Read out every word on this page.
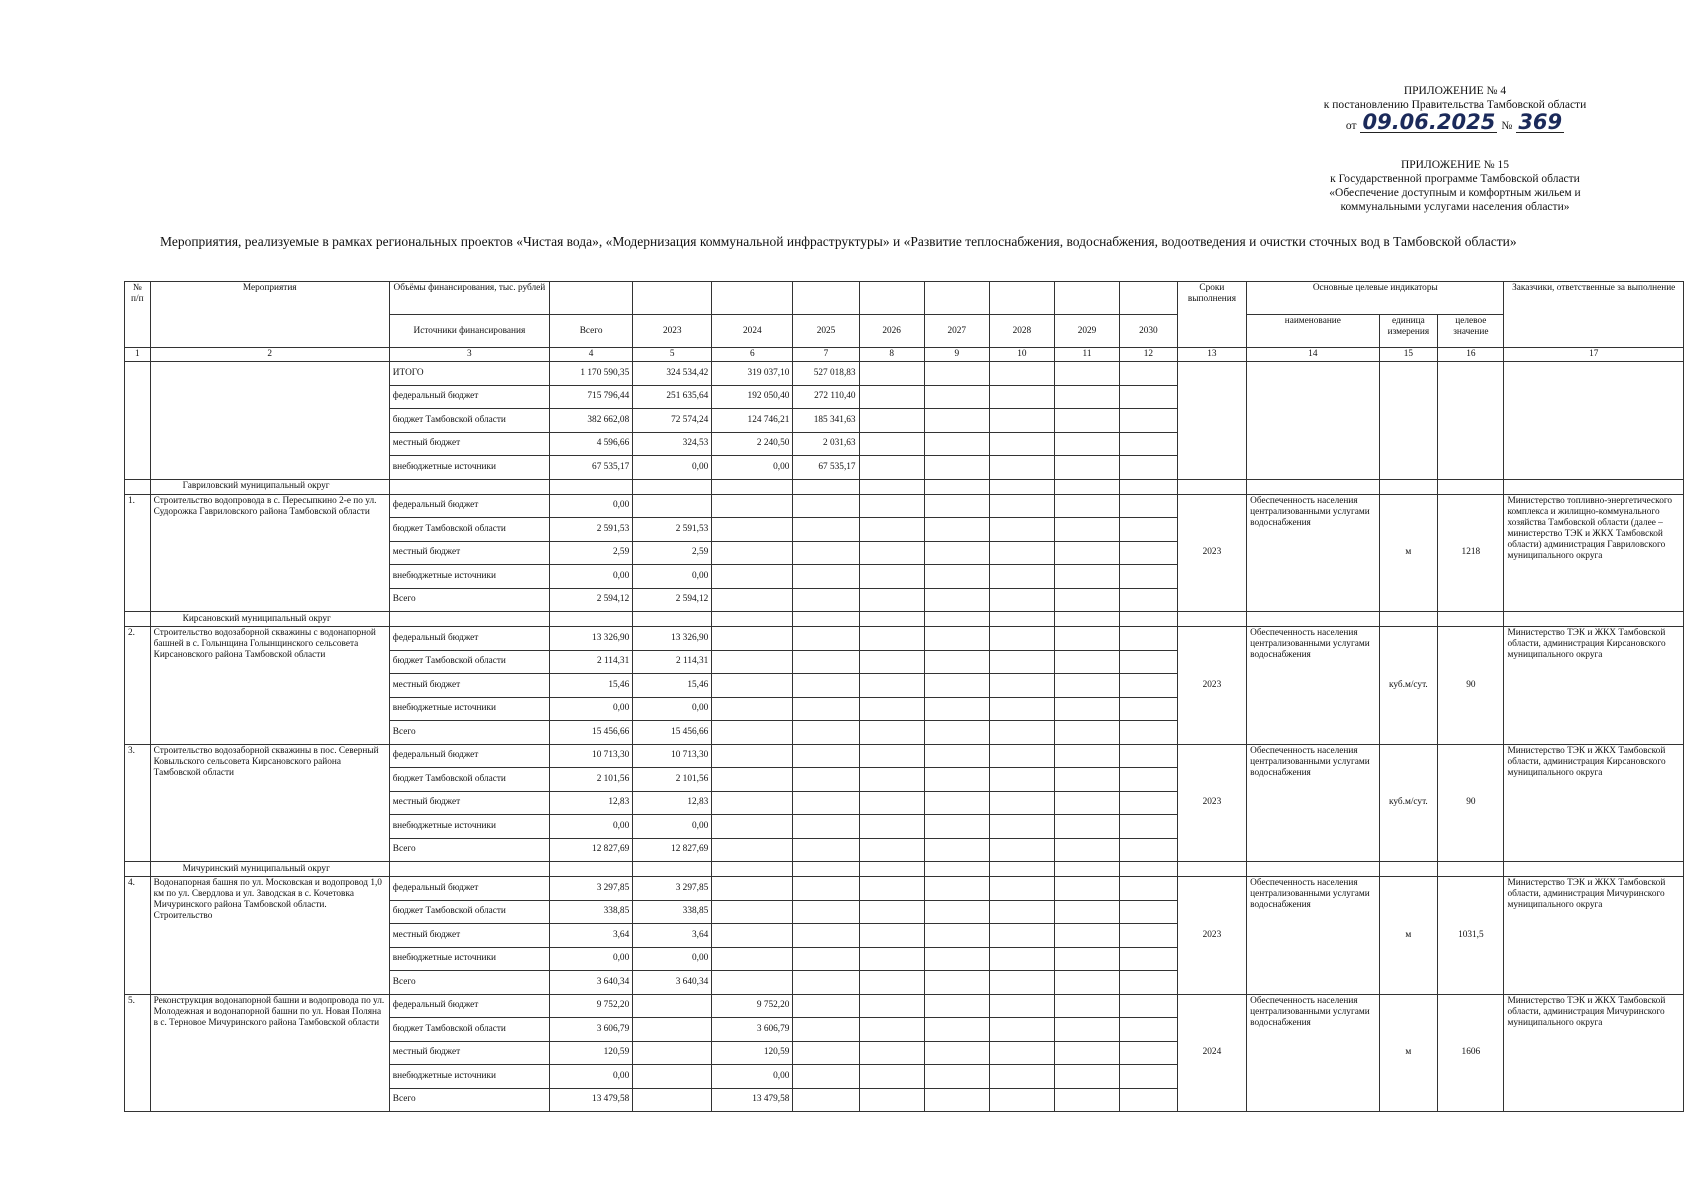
ПРИЛОЖЕНИЕ № 4
к постановлению Правительства Тамбовской области
от 09.06.2025 № 369
ПРИЛОЖЕНИЕ № 15
к Государственной программе Тамбовской области
«Обеспечение доступным и комфортным жильем и
коммунальными услугами населения области»
Мероприятия, реализуемые в рамках региональных проектов «Чистая вода», «Модернизация коммунальной инфраструктуры» и «Развитие теплоснабжения, водоснабжения, водоотведения и очистки сточных вод в Тамбовской области»
№ п/п	Мероприятия	Объёмы финансирования, тыс. рублей										Сроки выполнения	Основные целевые индикаторы			Заказчики, ответственные за выполнение
		Источники финансирования	Всего	2023	2024	2025	2026	2027	2028	2029	2030		наименование	единица измерения	целевое значение	
1	2	3	4	5	6	7	8	9	10	11	12	13	14	15	16	17
		ИТОГО	1 170 590,35	324 534,42	319 037,10	527 018,83										
		федеральный бюджет	715 796,44	251 635,64	192 050,40	272 110,40										
		бюджет Тамбовской области	382 662,08	72 574,24	124 746,21	185 341,63										
		местный бюджет	4 596,66	324,53	2 240,50	2 031,63										
		внебюджетные источники	67 535,17	0,00	0,00	67 535,17										
	Гавриловский муниципальный округ															
1.	Строительство водопровода в с. Пересыпкино 2-е по ул. Судорожка Гавриловского района Тамбовской области	федеральный бюджет	0,00									2023	Обеспеченность населения централизованными услугами водоснабжения	м	1218	Министерство топливно-энергетического комплекса и жилищно-коммунального хозяйства Тамбовской области (далее – министерство ТЭК и ЖКХ Тамбовской области) администрация Гавриловского муниципального округа
		бюджет Тамбовской области	2 591,53	2 591,53												
		местный бюджет	2,59	2,59												
		внебюджетные источники	0,00	0,00												
		Всего	2 594,12	2 594,12												
	Кирсановский муниципальный округ															
2.	Строительство водозаборной скважины с водонапорной башней в с. Голынщина Голынщинского сельсовета Кирсановского района Тамбовской области	федеральный бюджет	13 326,90	13 326,90								2023	Обеспеченность населения централизованными услугами водоснабжения	куб.м/сут.	90	Министерство ТЭК и ЖКХ Тамбовской области, администрация Кирсановского муниципального округа
		бюджет Тамбовской области	2 114,31	2 114,31												
		местный бюджет	15,46	15,46												
		внебюджетные источники	0,00	0,00												
		Всего	15 456,66	15 456,66												
3.	Строительство водозаборной скважины в пос. Северный Ковыльского сельсовета Кирсановского района Тамбовской области	федеральный бюджет	10 713,30	10 713,30								2023	Обеспеченность населения централизованными услугами водоснабжения	куб.м/сут.	90	Министерство ТЭК и ЖКХ Тамбовской области, администрация Кирсановского муниципального округа
		бюджет Тамбовской области	2 101,56	2 101,56												
		местный бюджет	12,83	12,83												
		внебюджетные источники	0,00	0,00												
		Всего	12 827,69	12 827,69												
	Мичуринский муниципальный округ															
4.	Водонапорная башня по ул. Московская и водопровод 1,0 км по ул. Свердлова и ул. Заводская в с. Кочетовка Мичуринского района Тамбовской области. Строительство	федеральный бюджет	3 297,85	3 297,85								2023	Обеспеченность населения централизованными услугами водоснабжения	м	1031,5	Министерство ТЭК и ЖКХ Тамбовской области, администрация Мичуринского муниципального округа
		бюджет Тамбовской области	338,85	338,85												
		местный бюджет	3,64	3,64												
		внебюджетные источники	0,00	0,00												
		Всего	3 640,34	3 640,34												
5.	Реконструкция водонапорной башни и водопровода по ул. Молодежная и водонапорной башни по ул. Новая Поляна в с. Терновое Мичуринского района Тамбовской области	федеральный бюджет	9 752,20		9 752,20							2024	Обеспеченность населения централизованными услугами водоснабжения	м	1606	Министерство ТЭК и ЖКХ Тамбовской области, администрация Мичуринского муниципального округа
		бюджет Тамбовской области	3 606,79		3 606,79											
		местный бюджет	120,59		120,59											
		внебюджетные источники	0,00		0,00											
		Всего	13 479,58		13 479,58											
